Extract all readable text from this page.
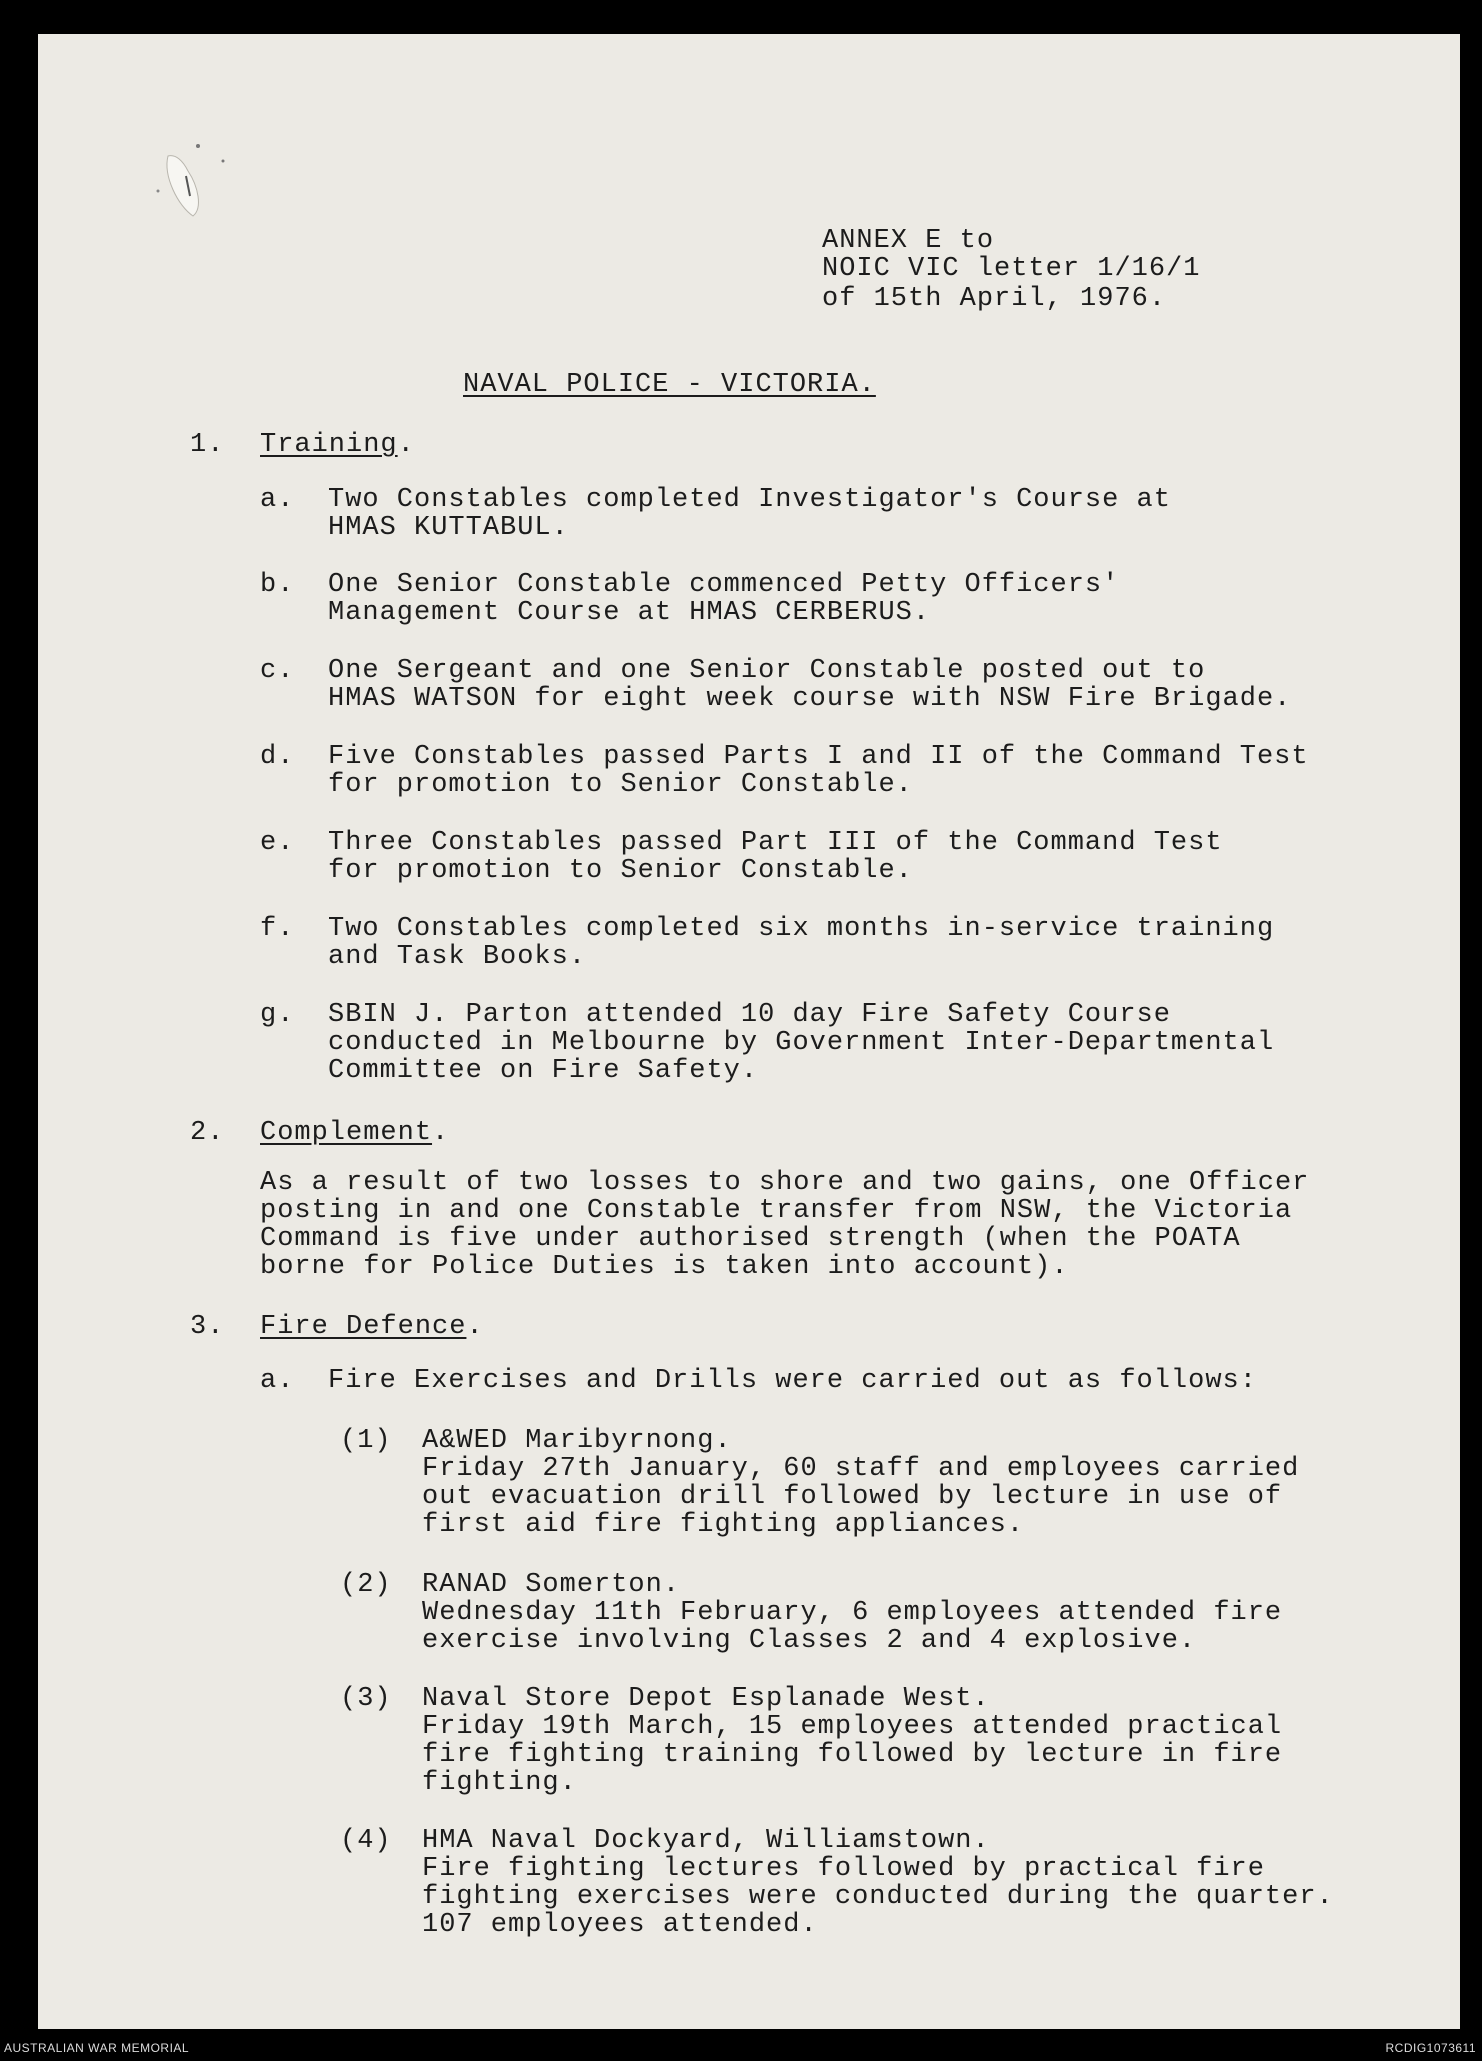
ANNEX E to
NOIC VIC letter 1/16/1
of 15th April, 1976.
NAVAL POLICE - VICTORIA.
1. Training.
a. Two Constables completed Investigator's Course at
HMAS KUTTABUL.
b. One Senior Constable commenced Petty Officers'
Management Course at HMAS CERBERUS.
c. One Sergeant and one Senior Constable posted out to
HMAS WATSON for eight week course with NSW Fire Brigade.
d. Five Constables passed Parts I and II of the Command Test
for promotion to Senior Constable.
e. Three Constables passed Part III of the Command Test
for promotion to Senior Constable.
f. Two Constables completed six months in-service training
and Task Books.
g. SBIN J. Parton attended 10 day Fire Safety Course
conducted in Melbourne by Government Inter-Departmental
Committee on Fire Safety.
2. Complement.
As a result of two losses to shore and two gains, one Officer
posting in and one Constable transfer from NSW, the Victoria
Command is five under authorised strength (when the POATA
borne for Police Duties is taken into account).
3. Fire Defence.
a. Fire Exercises and Drills were carried out as follows:
(1) A&WED Maribyrnong.
Friday 27th January, 60 staff and employees carried
out evacuation drill followed by lecture in use of
first aid fire fighting appliances.
(2) RANAD Somerton.
Wednesday 11th February, 6 employees attended fire
exercise involving Classes 2 and 4 explosive.
(3) Naval Store Depot Esplanade West.
Friday 19th March, 15 employees attended practical
fire fighting training followed by lecture in fire
fighting.
(4) HMA Naval Dockyard, Williamstown.
Fire fighting lectures followed by practical fire
fighting exercises were conducted during the quarter.
107 employees attended.
AUSTRALIAN WAR MEMORIAL	RCDIG1073611
